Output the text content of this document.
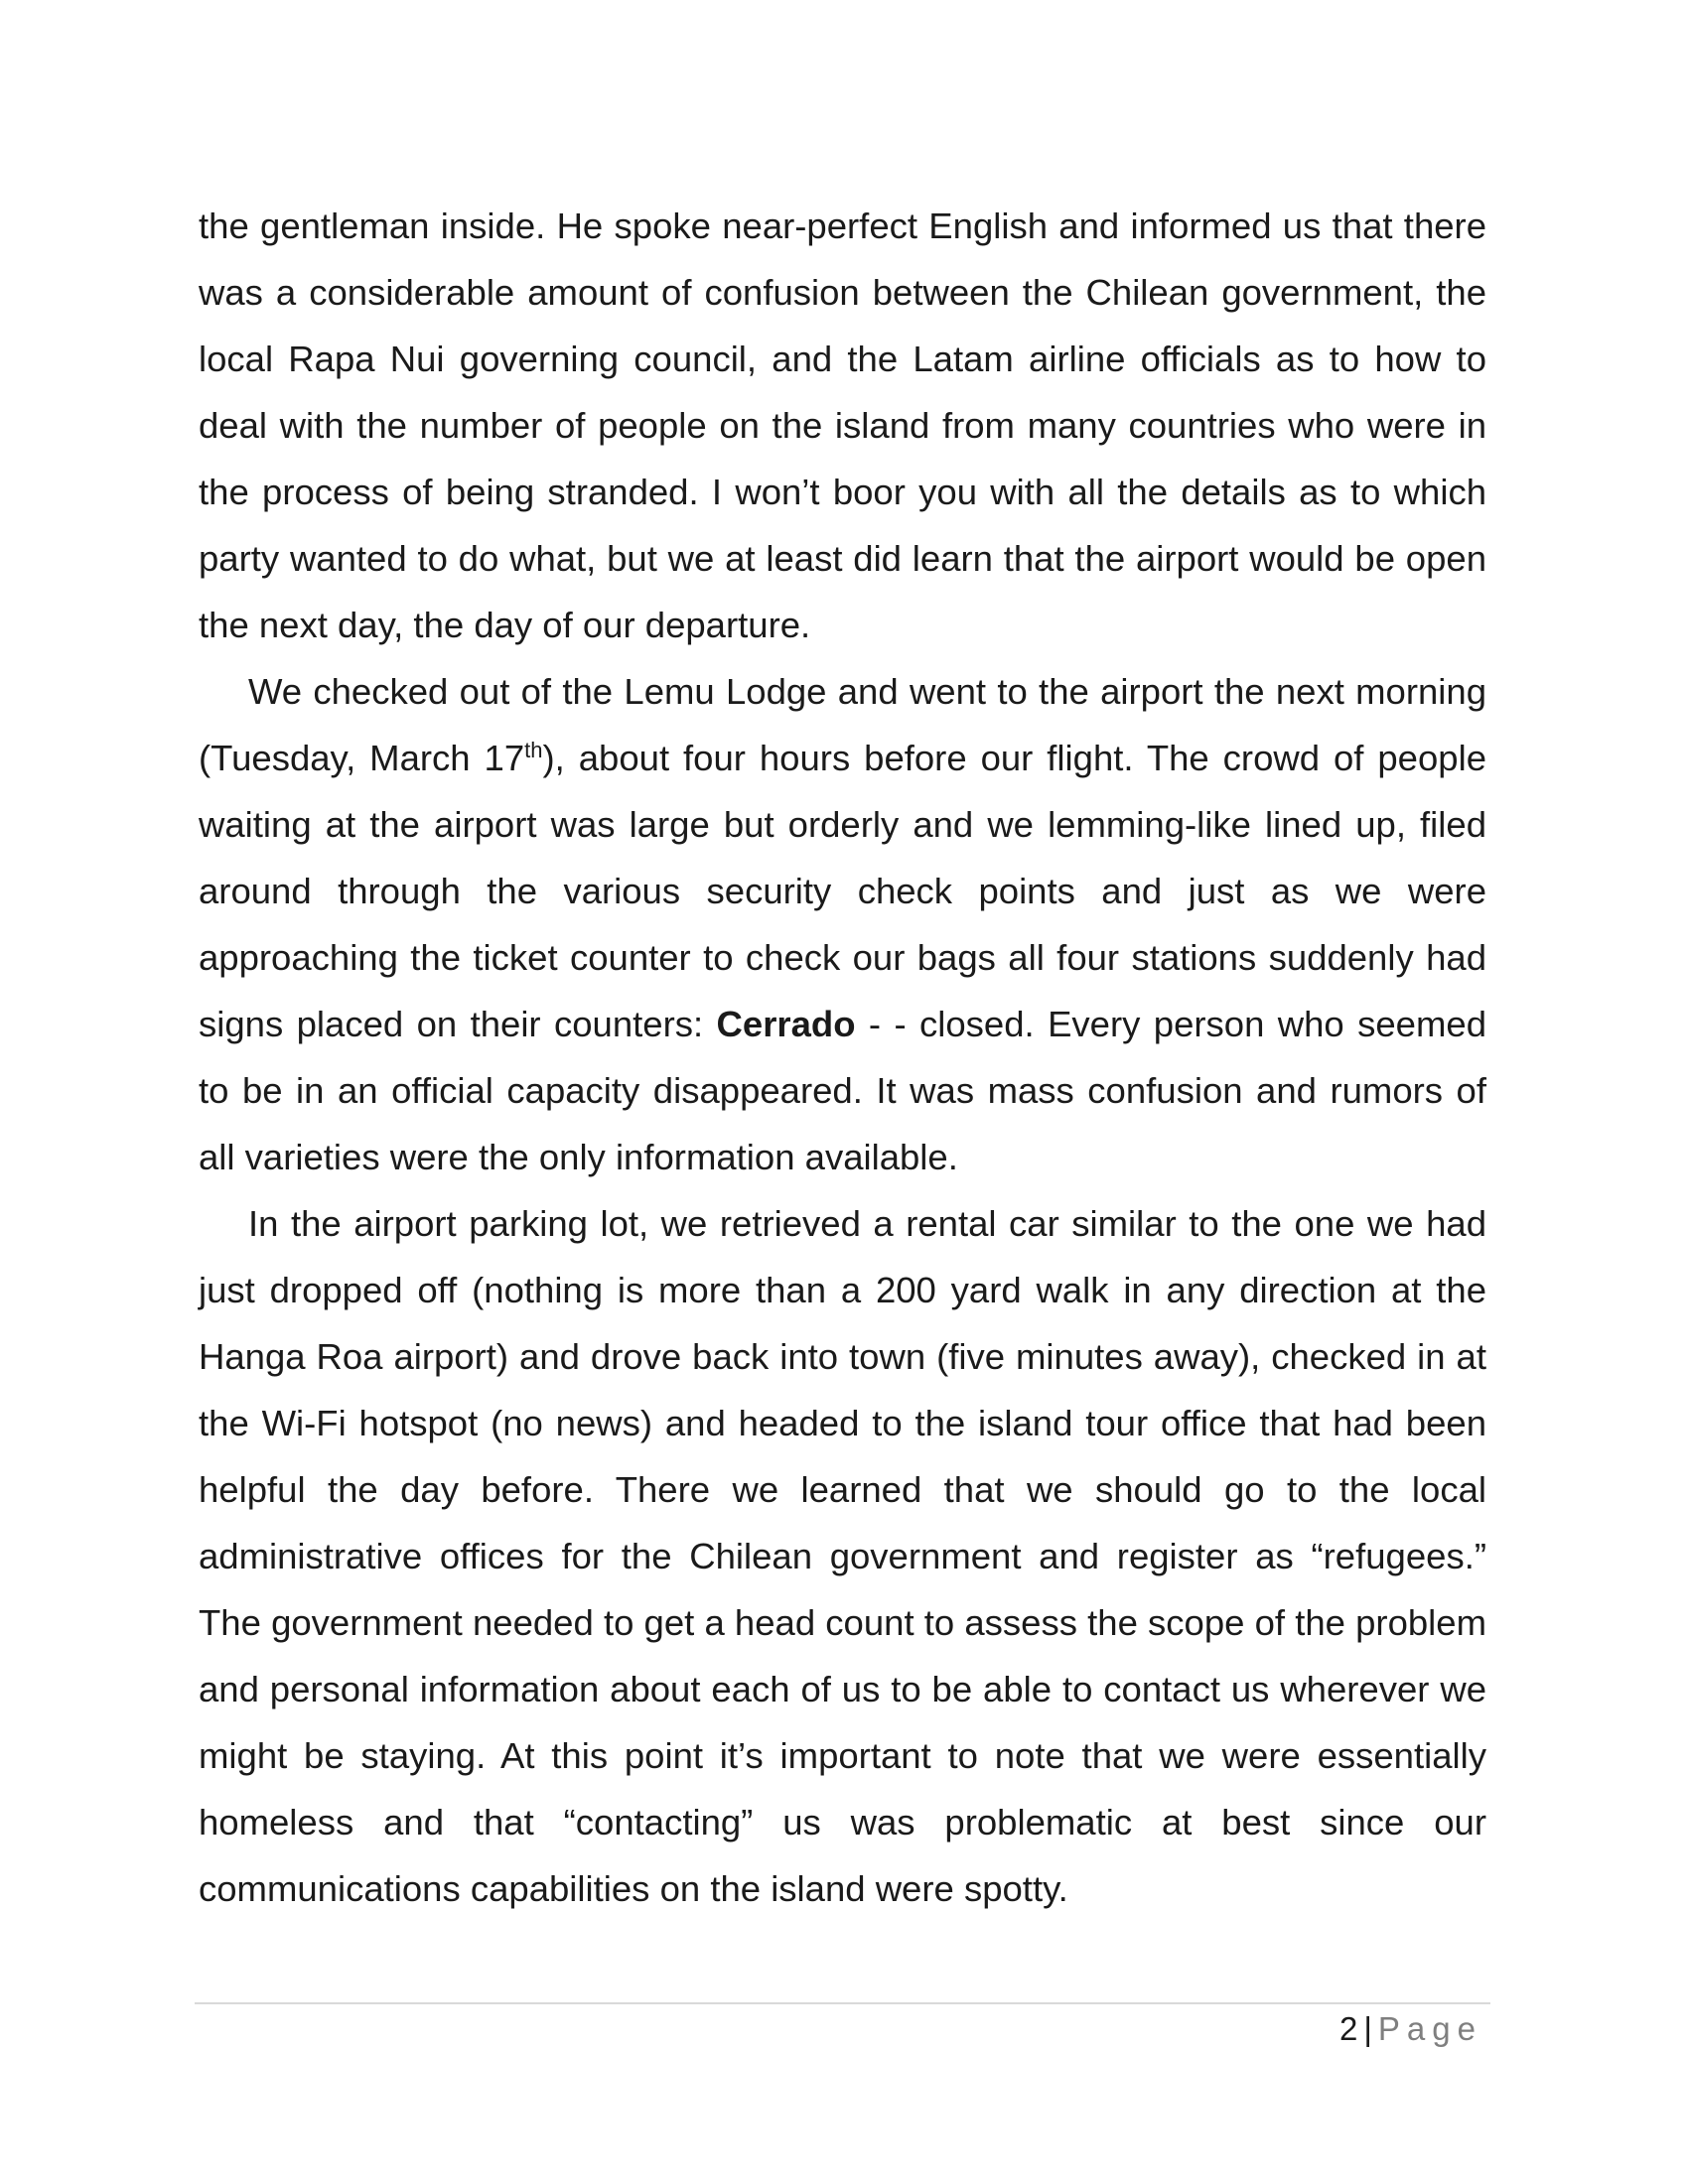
the gentleman inside. He spoke near-perfect English and informed us that there was a considerable amount of confusion between the Chilean government, the local Rapa Nui governing council, and the Latam airline officials as to how to deal with the number of people on the island from many countries who were in the process of being stranded. I won’t boor you with all the details as to which party wanted to do what, but we at least did learn that the airport would be open the next day, the day of our departure.

We checked out of the Lemu Lodge and went to the airport the next morning (Tuesday, March 17th), about four hours before our flight. The crowd of people waiting at the airport was large but orderly and we lemming-like lined up, filed around through the various security check points and just as we were approaching the ticket counter to check our bags all four stations suddenly had signs placed on their counters: Cerrado - - closed. Every person who seemed to be in an official capacity disappeared. It was mass confusion and rumors of all varieties were the only information available.

In the airport parking lot, we retrieved a rental car similar to the one we had just dropped off (nothing is more than a 200 yard walk in any direction at the Hanga Roa airport) and drove back into town (five minutes away), checked in at the Wi-Fi hotspot (no news) and headed to the island tour office that had been helpful the day before. There we learned that we should go to the local administrative offices for the Chilean government and register as “refugees.” The government needed to get a head count to assess the scope of the problem and personal information about each of us to be able to contact us wherever we might be staying. At this point it’s important to note that we were essentially homeless and that “contacting” us was problematic at best since our communications capabilities on the island were spotty.

2 | Page
